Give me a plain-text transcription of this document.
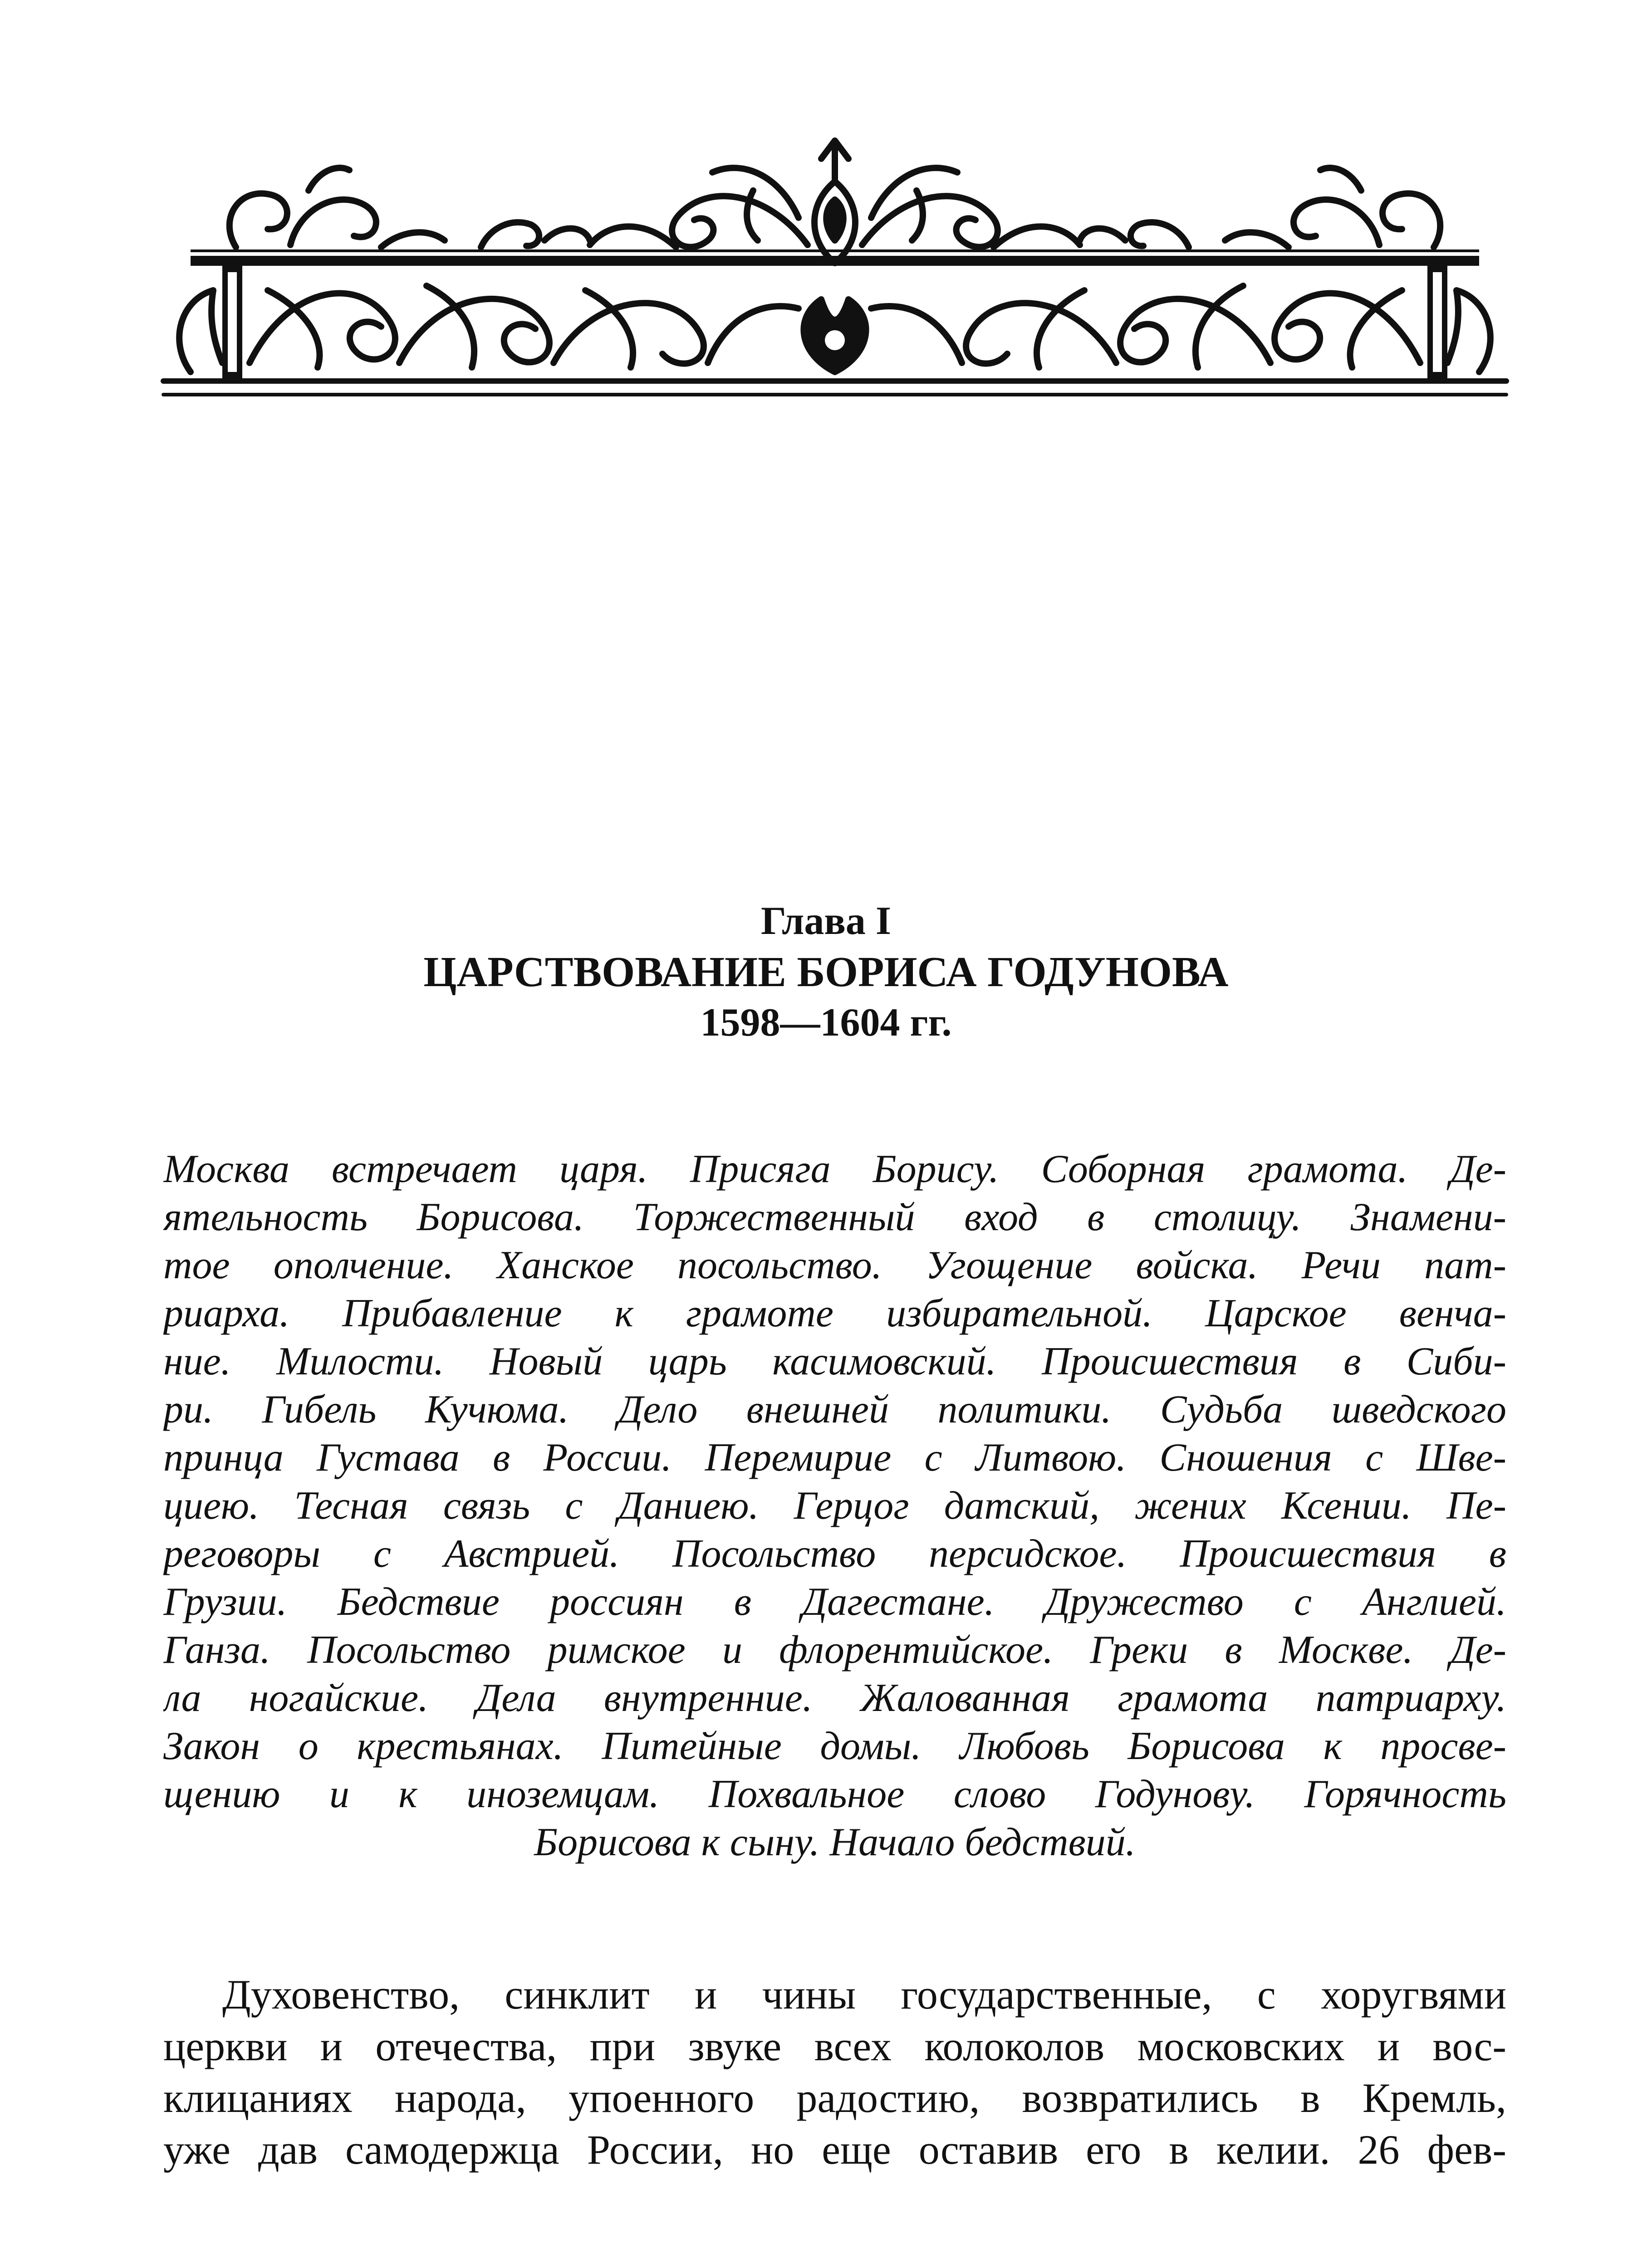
Глава I
ЦАРСТВОВАНИЕ БОРИСА ГОДУНОВА
1598—1604 гг.
Москва встречает царя. Присяга Борису. Соборная грамота. Де-
ятельность Борисова. Торжественный вход в столицу. Знамени-
тое ополчение. Ханское посольство. Угощение войска. Речи пат-
риарха. Прибавление к грамоте избирательной. Царское венча-
ние. Милости. Новый царь касимовский. Происшествия в Сиби-
ри. Гибель Кучюма. Дело внешней политики. Судьба шведского
принца Густава в России. Перемирие с Литвою. Сношения с Шве-
циею. Тесная связь с Даниею. Герцог датский, жених Ксении. Пе-
реговоры с Австрией. Посольство персидское. Происшествия в
Грузии. Бедствие россиян в Дагестане. Дружество с Англией.
Ганза. Посольство римское и флорентийское. Греки в Москве. Де-
ла ногайские. Дела внутренние. Жалованная грамота патриарху.
Закон о крестьянах. Питейные домы. Любовь Борисова к просве-
щению и к иноземцам. Похвальное слово Годунову. Горячность
Борисова к сыну. Начало бедствий.
Духовенство, синклит и чины государственные, с хоругвями
церкви и отечества, при звуке всех колоколов московских и вос-
клицаниях народа, упоенного радостию, возвратились в Кремль,
уже дав самодержца России, но еще оставив его в келии. 26 фев-
